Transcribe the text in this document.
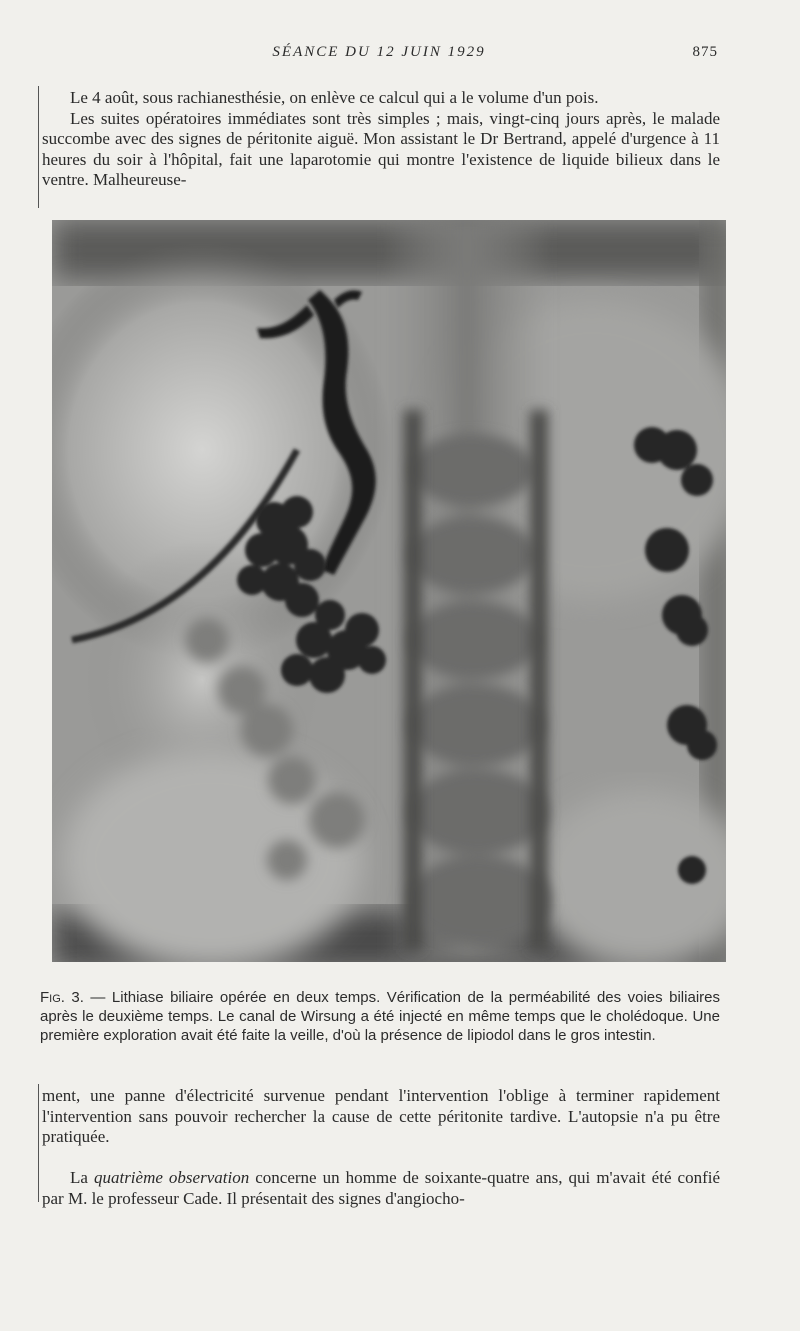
SÉANCE DU 12 JUIN 1929	875

Le 4 août, sous rachianesthésie, on enlève ce calcul qui a le volume d'un pois.

Les suites opératoires immédiates sont très simples ; mais, vingt-cinq jours après, le malade succombe avec des signes de péritonite aiguë. Mon assistant le Dr Bertrand, appelé d'urgence à 11 heures du soir à l'hôpital, fait une laparotomie qui montre l'existence de liquide bilieux dans le ventre. Malheureuse-

Fig. 3. — Lithiase biliaire opérée en deux temps. Vérification de la perméabilité des voies biliaires après le deuxième temps. Le canal de Wirsung a été injecté en même temps que le cholédoque. Une première exploration avait été faite la veille, d'où la présence de lipiodol dans le gros intestin.

ment, une panne d'électricité survenue pendant l'intervention l'oblige à terminer rapidement l'intervention sans pouvoir rechercher la cause de cette péritonite tardive. L'autopsie n'a pu être pratiquée.

La quatrième observation concerne un homme de soixante-quatre ans, qui m'avait été confié par M. le professeur Cade. Il présentait des signes d'angiocho-
